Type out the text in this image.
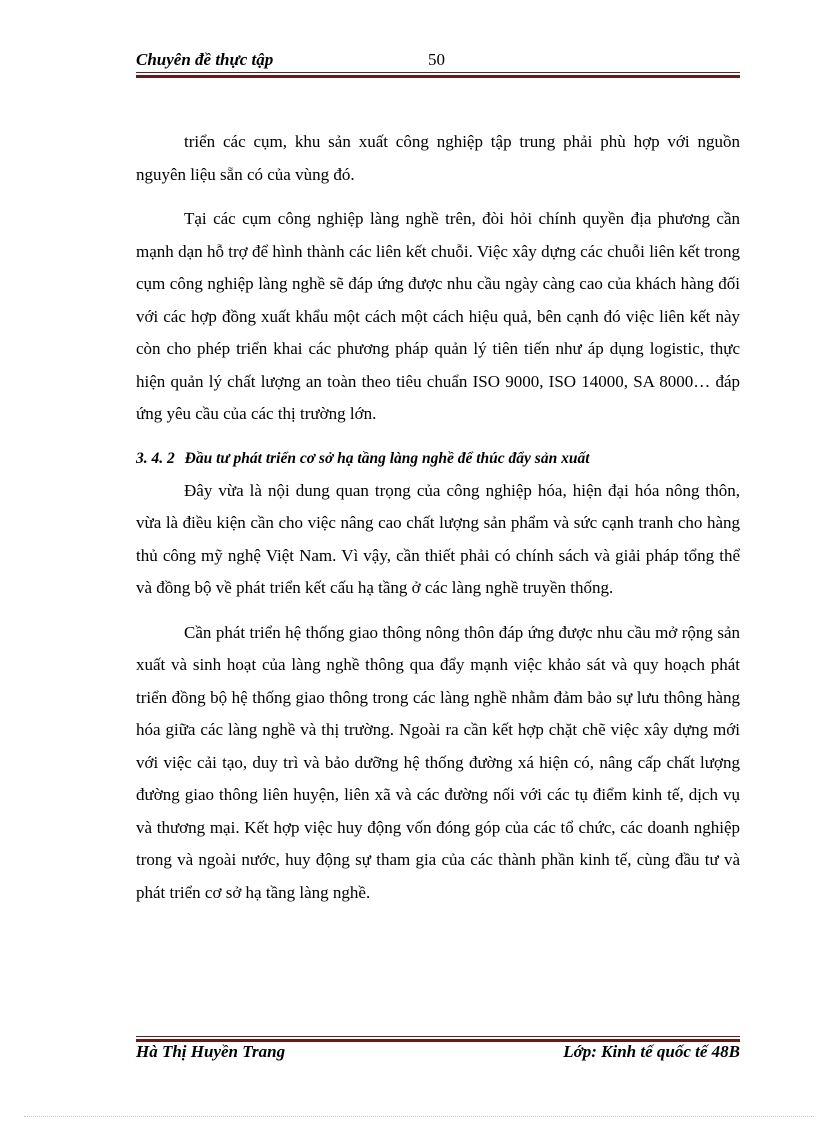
Chuyên đề thực tập	50

triển các cụm, khu sản xuất công nghiệp tập trung phải phù hợp với nguồn nguyên liệu sẵn có của vùng đó.

Tại các cụm công nghiệp làng nghề trên, đòi hỏi chính quyền địa phương cần mạnh dạn hỗ trợ để hình thành các liên kết chuỗi. Việc xây dựng các chuỗi liên kết trong cụm công nghiệp làng nghề sẽ đáp ứng được nhu cầu ngày càng cao của khách hàng đối với các hợp đồng xuất khẩu một cách một cách hiệu quả, bên cạnh đó việc liên kết này còn cho phép triển khai các phương pháp quản lý tiên tiến như áp dụng logistic, thực hiện quản lý chất lượng an toàn theo tiêu chuẩn ISO 9000, ISO 14000, SA 8000… đáp ứng yêu cầu của các thị trường lớn.

3. 4. 2 Đầu tư phát triển cơ sở hạ tầng làng nghề để thúc đẩy sản xuất

Đây vừa là nội dung quan trọng của công nghiệp hóa, hiện đại hóa nông thôn, vừa là điều kiện cần cho việc nâng cao chất lượng sản phẩm và sức cạnh tranh cho hàng thủ công mỹ nghệ Việt Nam. Vì vậy, cần thiết phải có chính sách và giải pháp tổng thể và đồng bộ về phát triển kết cấu hạ tầng ở các làng nghề truyền thống.

Cần phát triển hệ thống giao thông nông thôn đáp ứng được nhu cầu mở rộng sản xuất và sinh hoạt của làng nghề thông qua đẩy mạnh việc khảo sát và quy hoạch phát triển đồng bộ hệ thống giao thông trong các làng nghề nhằm đảm bảo sự lưu thông hàng hóa giữa các làng nghề và thị trường. Ngoài ra cần kết hợp chặt chẽ việc xây dựng mới với việc cải tạo, duy trì và bảo dưỡng hệ thống đường xá hiện có, nâng cấp chất lượng đường giao thông liên huyện, liên xã và các đường nối với các tụ điểm kinh tế, dịch vụ và thương mại. Kết hợp việc huy động vốn đóng góp của các tổ chức, các doanh nghiệp trong và ngoài nước, huy động sự tham gia của các thành phần kinh tế, cùng đầu tư và phát triển cơ sở hạ tầng làng nghề.

Hà Thị Huyền Trang	Lớp: Kinh tế quốc tế 48B
